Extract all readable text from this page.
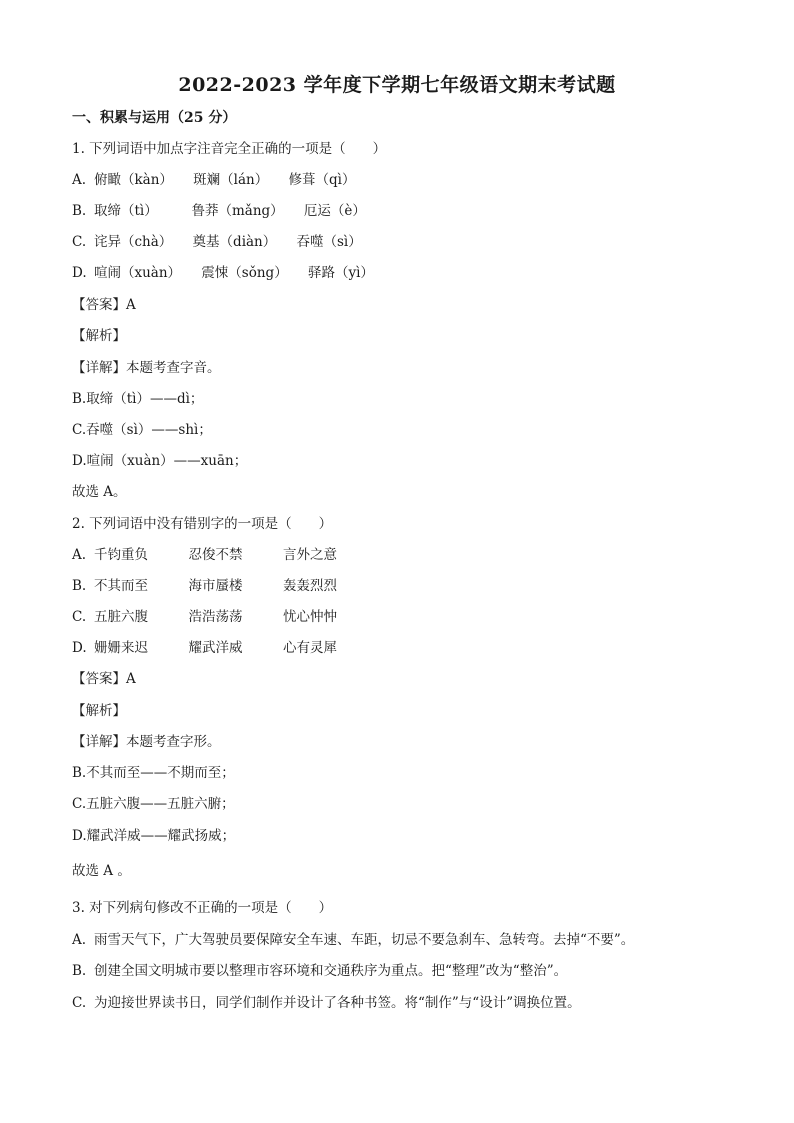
2022-2023 学年度下学期七年级语文期末考试题
一、积累与运用（25 分）
1. 下列词语中加点字注音完全正确的一项是（　　）
A. 俯瞰（kàn）　　斑斓（lán）　　修葺（qì）
B. 取缔（tì）　　　鲁莽（mǎng）　　厄运（è）
C. 诧异（chà）　　奠基（diàn）　　吞噬（sì）
D. 喧闹（xuàn）　　震悚（sǒng）　　驿路（yì）
【答案】A
【解析】
【详解】本题考查字音。
B.取缔（tì）——dì；
C.吞噬（sì）——shì；
D.喧闹（xuàn）——xuān；
故选 A。
2. 下列词语中没有错别字的一项是（　　）
A. 千钧重负　　　忍俊不禁　　　言外之意
B. 不其而至　　　海市蜃楼　　　轰轰烈烈
C. 五脏六腹　　　浩浩荡荡　　　忧心忡忡
D. 姗姗来迟　　　耀武洋威　　　心有灵犀
【答案】A
【解析】
【详解】本题考查字形。
B.不其而至——不期而至；
C.五脏六腹——五脏六腑；
D.耀武洋威——耀武扬威；
故选 A 。
3. 对下列病句修改不正确的一项是（　　）
A. 雨雪天气下，广大驾驶员要保障安全车速、车距，切忌不要急刹车、急转弯。去掉“不要”。
B. 创建全国文明城市要以整理市容环境和交通秩序为重点。把“整理”改为“整治”。
C. 为迎接世界读书日，同学们制作并设计了各种书签。将“制作”与“设计”调换位置。
